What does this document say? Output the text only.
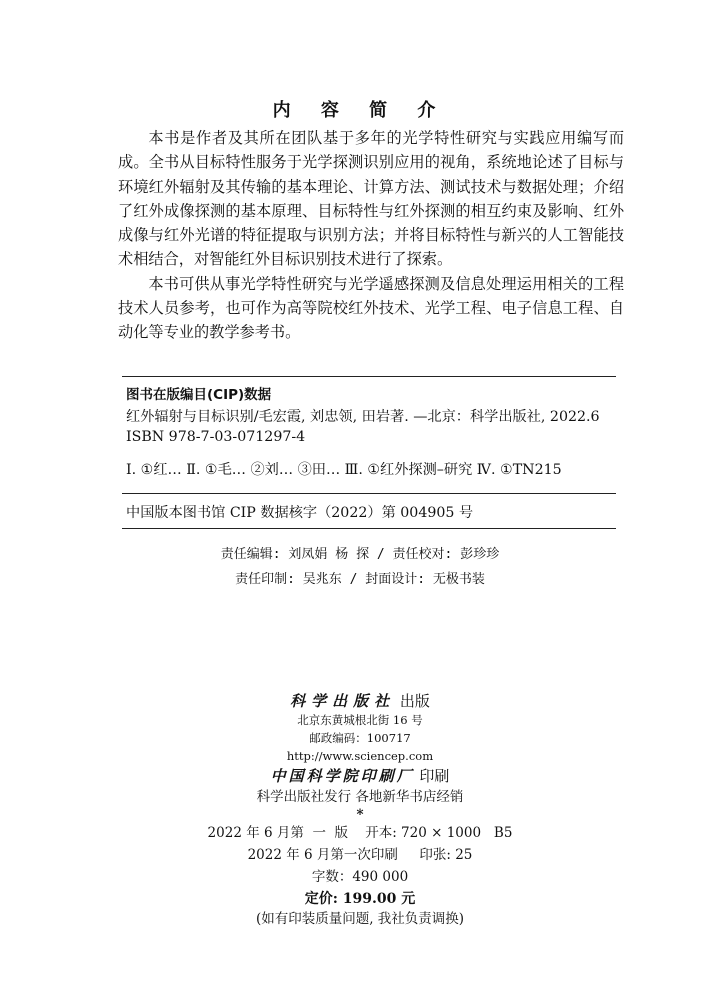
内 容 简 介

本书是作者及其所在团队基于多年的光学特性研究与实践应用编写而成。全书从目标特性服务于光学探测识别应用的视角，系统地论述了目标与环境红外辐射及其传输的基本理论、计算方法、测试技术与数据处理；介绍了红外成像探测的基本原理、目标特性与红外探测的相互约束及影响、红外成像与红外光谱的特征提取与识别方法；并将目标特性与新兴的人工智能技术相结合，对智能红外目标识别技术进行了探索。

本书可供从事光学特性研究与光学遥感探测及信息处理运用相关的工程技术人员参考，也可作为高等院校红外技术、光学工程、电子信息工程、自动化等专业的教学参考书。

图书在版编目(CIP)数据
红外辐射与目标识别/毛宏霞, 刘忠领, 田岩著. —北京：科学出版社, 2022.6
ISBN 978-7-03-071297-4
Ⅰ. ①红… Ⅱ. ①毛… ②刘… ③田… Ⅲ. ①红外探测–研究 Ⅳ. ①TN215
中国版本图书馆 CIP 数据核字（2022）第 004905 号
责任编辑: 刘凤娟 杨 探 / 责任校对: 彭珍珍
责任印制: 吴兆东 / 封面设计: 无极书装
科学出版社 出版
北京东黄城根北街 16 号
邮政编码：100717
http://www.sciencep.com
中国科学院印刷厂 印刷
科学出版社发行 各地新华书店经销
*
2022 年 6 月第  一  版    开本: 720 × 1000   B5
2022 年 6 月第一次印刷     印张: 25
字数：490 000
定价: 199.00 元
(如有印装质量问题, 我社负责调换)
